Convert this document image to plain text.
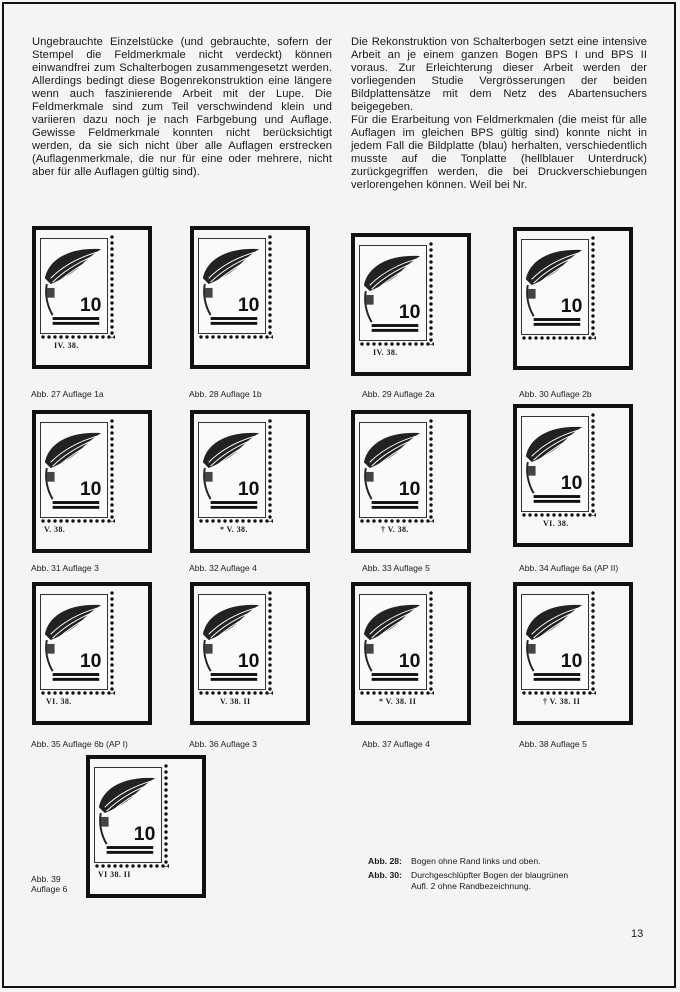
Ungebrauchte Einzelstücke (und gebrauchte, sofern der Stempel die Feldmerkmale nicht verdeckt) können einwandfrei zum Schalterbogen zusammengesetzt werden. Allerdings bedingt diese Bogenrekonstruktion eine längere wenn auch faszinierende Arbeit mit der Lupe. Die Feldmerkmale sind zum Teil verschwindend klein und variieren dazu noch je nach Farbgebung und Auflage. Gewisse Feldmerkmale konnten nicht berücksichtigt werden, da sie sich nicht über alle Auflagen erstrecken (Auflagenmerkmale, die nur für eine oder mehrere, nicht aber für alle Auflagen gültig sind).

Die Rekonstruktion von Schalterbogen setzt eine intensive Arbeit an je einem ganzen Bogen BPS I und BPS II voraus. Zur Erleichterung dieser Arbeit werden der vorliegenden Studie Vergrösserungen der beiden Bildplattensätze mit dem Netz des Abartensuchers beigegeben.

Für die Erarbeitung von Feldmerkmalen (die meist für alle Auflagen im gleichen BPS gültig sind) konnte nicht in jedem Fall die Bildplatte (blau) herhalten, verschiedentlich musste auf die Tonplatte (hellblauer Unterdruck) zurückgegriffen werden, die bei Druckverschiebungen verlorengehen können. Weil bei Nr.

10
IV. 38.
Abb. 27 Auflage 1a
10
Abb. 28 Auflage 1b
10
IV. 38.
Abb. 29 Auflage 2a
10
Abb. 30 Auflage 2b
10
V. 38.
Abb. 31 Auflage 3
10
* V. 38.
Abb. 32 Auflage 4
10
† V. 38.
Abb. 33 Auflage 5
10
VI. 38.
Abb. 34 Auflage 6a (AP II)
10
VI. 38.
Abb. 35 Auflage 6b (AP I)
10
V. 38. II
Abb. 36 Auflage 3
10
* V. 38. II
Abb. 37 Auflage 4
10
† V. 38. II
Abb. 38 Auflage 5
10
VI 38. II
Abb. 39
Auflage 6
Abb. 28:	Bogen ohne Rand links und oben.
Abb. 30:	Durchgeschlüpfter Bogen der blaugrünen Aufl. 2 ohne Randbezeichnung.
13
